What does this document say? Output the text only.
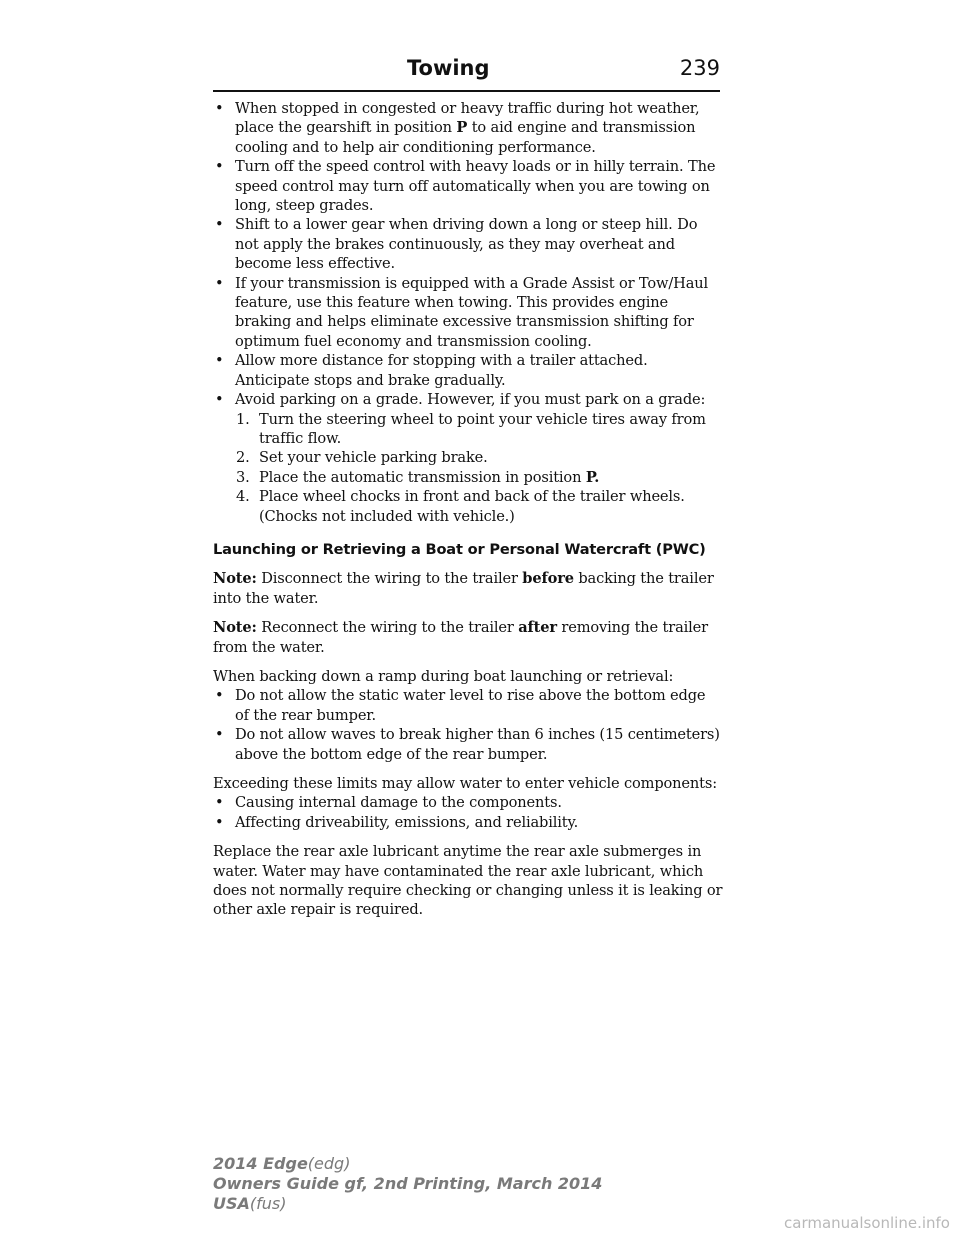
Towing	239
• When stopped in congested or heavy traffic during hot weather, place the gearshift in position P to aid engine and transmission cooling and to help air conditioning performance.
• Turn off the speed control with heavy loads or in hilly terrain. The speed control may turn off automatically when you are towing on long, steep grades.
• Shift to a lower gear when driving down a long or steep hill. Do not apply the brakes continuously, as they may overheat and become less effective.
• If your transmission is equipped with a Grade Assist or Tow/Haul feature, use this feature when towing. This provides engine braking and helps eliminate excessive transmission shifting for optimum fuel economy and transmission cooling.
• Allow more distance for stopping with a trailer attached. Anticipate stops and brake gradually.
• Avoid parking on a grade. However, if you must park on a grade:
1. Turn the steering wheel to point your vehicle tires away from traffic flow.
2. Set your vehicle parking brake.
3. Place the automatic transmission in position P.
4. Place wheel chocks in front and back of the trailer wheels. (Chocks not included with vehicle.)
Launching or Retrieving a Boat or Personal Watercraft (PWC)

Note: Disconnect the wiring to the trailer before backing the trailer into the water.

Note: Reconnect the wiring to the trailer after removing the trailer from the water.

When backing down a ramp during boat launching or retrieval:

• Do not allow the static water level to rise above the bottom edge of the rear bumper.
• Do not allow waves to break higher than 6 inches (15 centimeters) above the bottom edge of the rear bumper.

Exceeding these limits may allow water to enter vehicle components:

• Causing internal damage to the components.
• Affecting driveability, emissions, and reliability.

Replace the rear axle lubricant anytime the rear axle submerges in water. Water may have contaminated the rear axle lubricant, which does not normally require checking or changing unless it is leaking or other axle repair is required.

2014 Edge(edg)
Owners Guide gf, 2nd Printing, March 2014
USA(fus)
carmanualsonline.info
